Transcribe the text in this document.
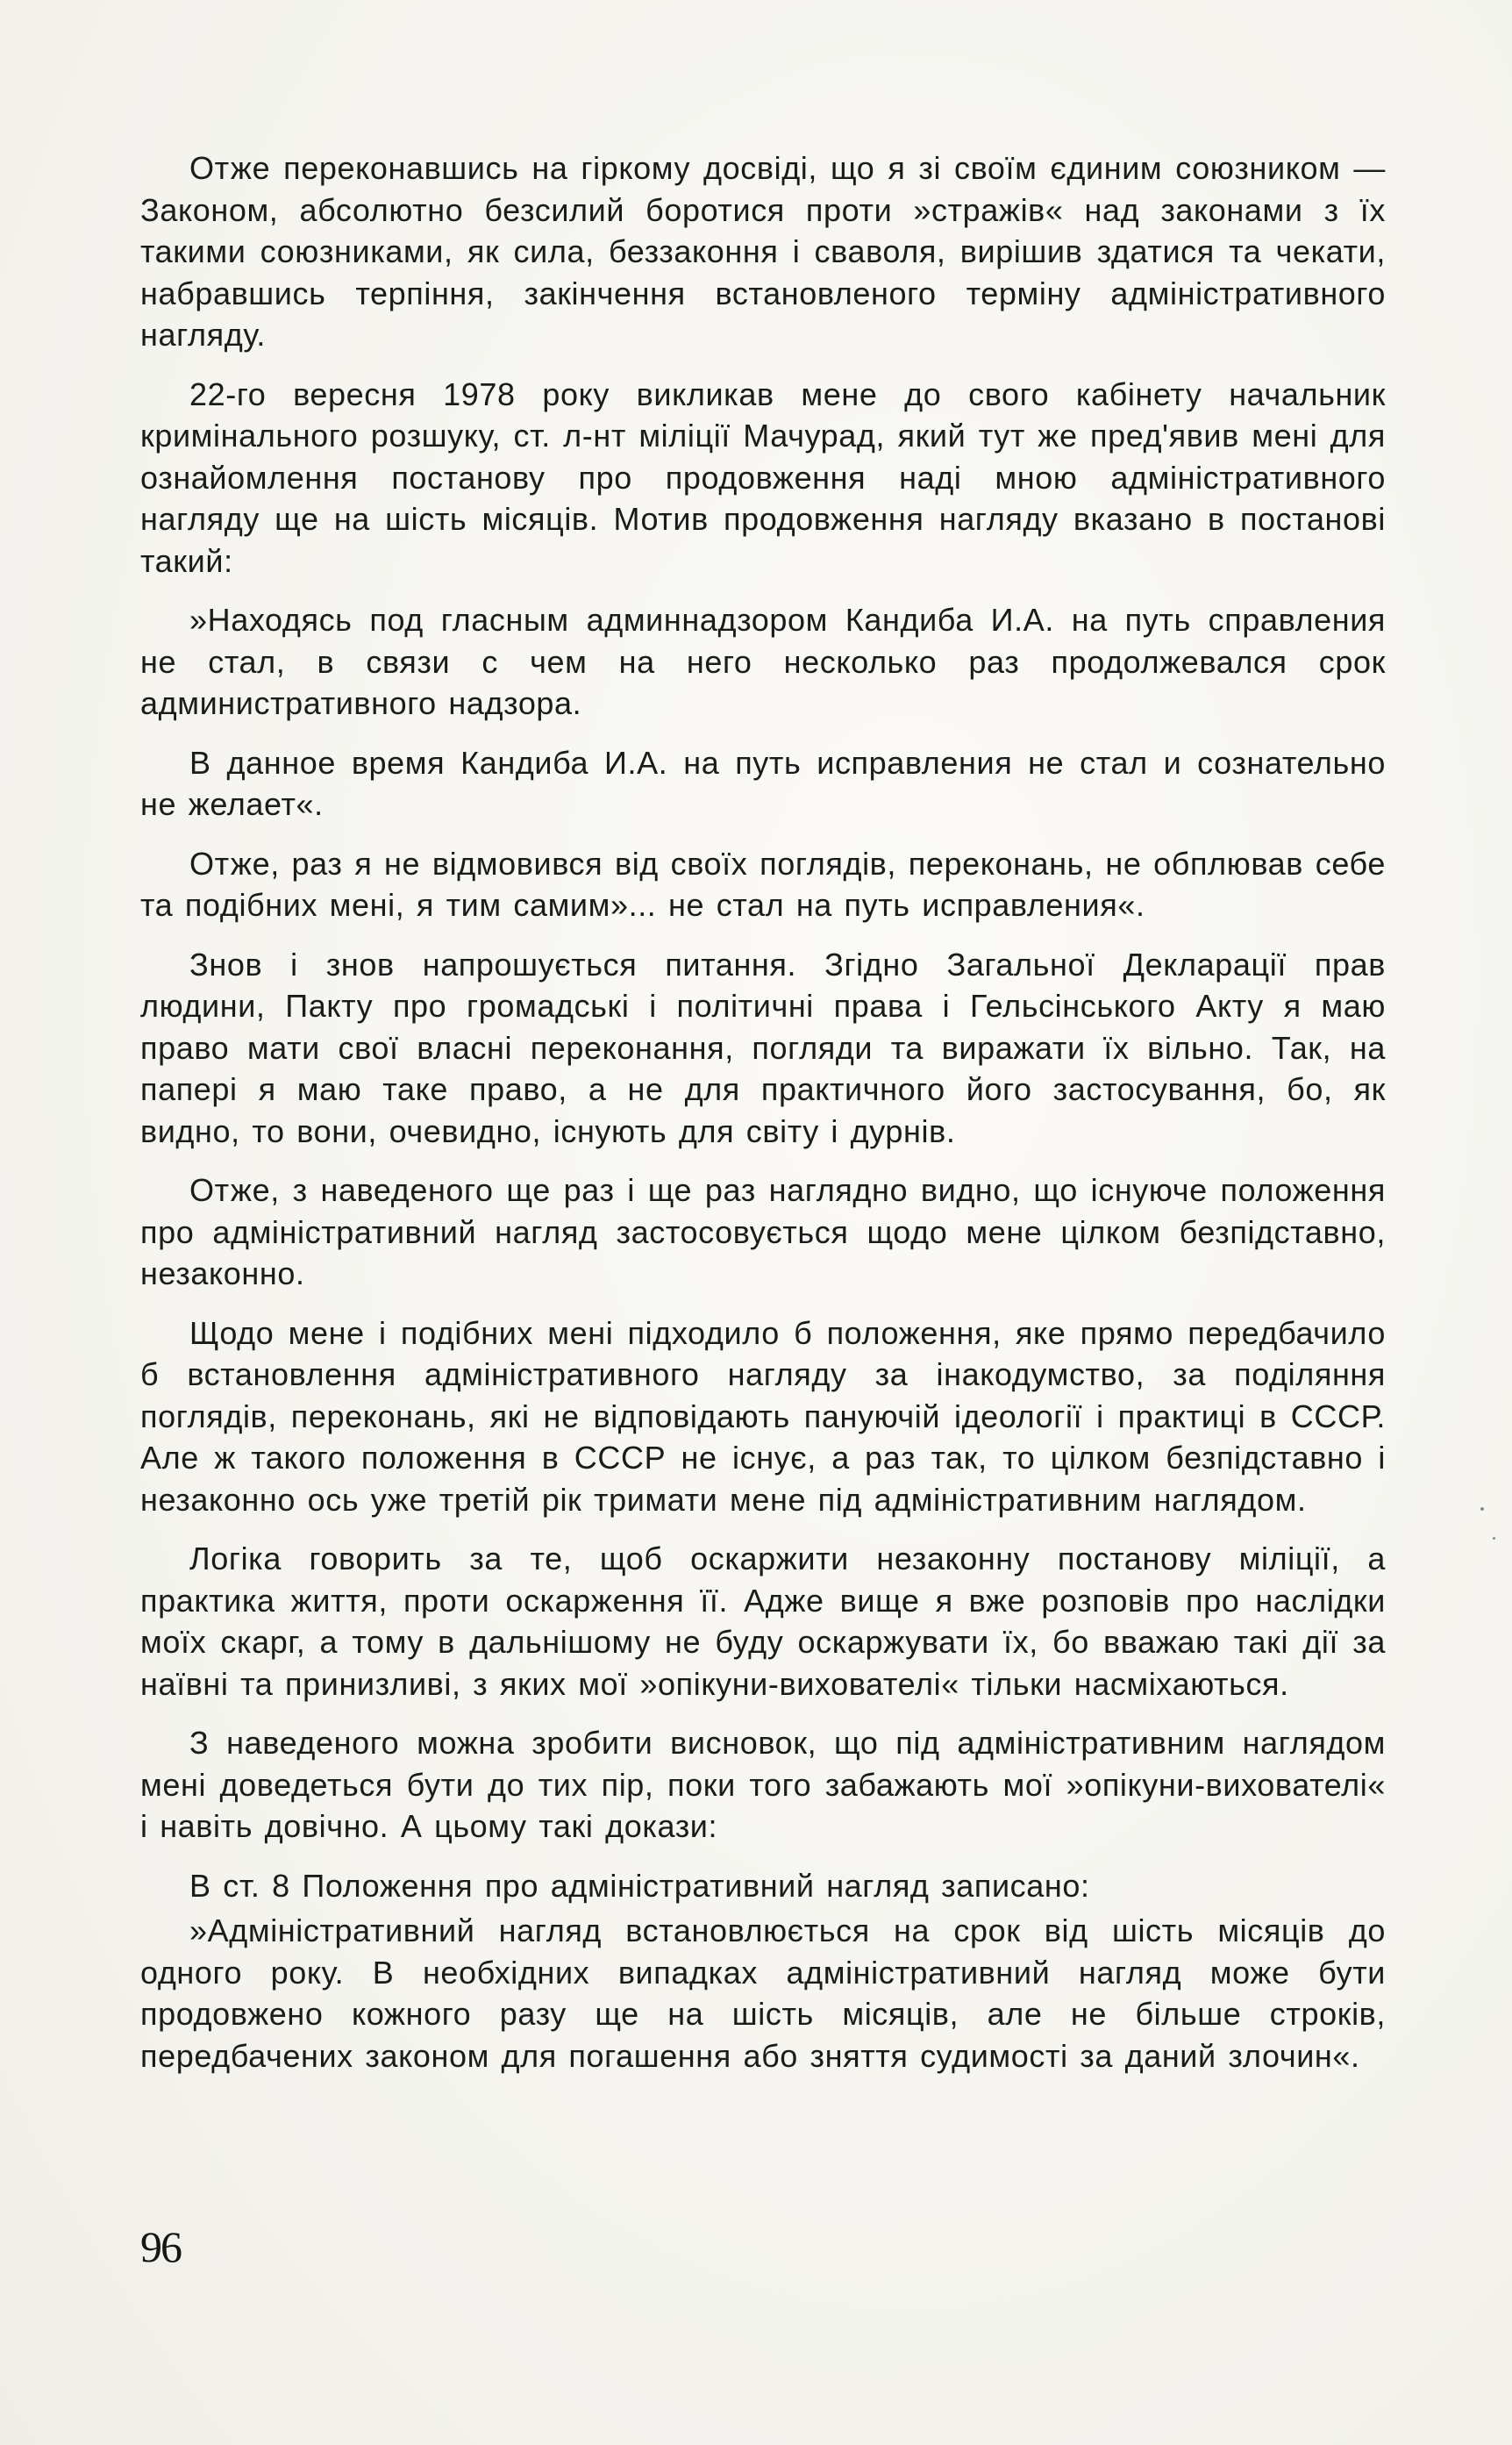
Отже переконавшись на гіркому досвіді, що я зі своїм єдиним союзником — Законом, абсолютно безсилий боротися проти »стражів« над законами з їх такими союзниками, як сила, беззаконня і сваволя, вирішив здатися та чекати, набравшись терпіння, закінчення встановленого терміну адміністративного нагляду.

22-го вересня 1978 року викликав мене до свого кабінету начальник кримінального розшуку, ст. л-нт міліції Мачурад, який тут же пред'явив мені для ознайомлення постанову про продовження наді мною адміністративного нагляду ще на шість місяців. Мотив продовження нагляду вказано в постанові такий:

»Находясь под гласным админнадзором Кандиба И.А. на путь справления не стал, в связи с чем на него несколько раз продолжевался срок административного надзора.

В данное время Кандиба И.А. на путь исправления не стал и сознательно не желает«.

Отже, раз я не відмовився від своїх поглядів, переконань, не обплював себе та подібних мені, я тим самим»... не стал на путь исправления«.

Знов і знов напрошується питання. Згідно Загальної Декларації прав людини, Пакту про громадські і політичні права і Гельсінського Акту я маю право мати свої власні переконання, погляди та виражати їх вільно. Так, на папері я маю таке право, а не для практичного його застосування, бо, як видно, то вони, очевидно, існують для світу і дурнів.

Отже, з наведеного ще раз і ще раз наглядно видно, що існуюче положення про адміністративний нагляд застосовується щодо мене цілком безпідставно, незаконно.

Щодо мене і подібних мені підходило б положення, яке прямо передбачило б встановлення адміністративного нагляду за інакодумство, за поділяння поглядів, переконань, які не відповідають пануючій ідеології і практиці в СССР. Але ж такого положення в СССР не існує, а раз так, то цілком безпідставно і незаконно ось уже третій рік тримати мене під адміністративним наглядом.

Логіка говорить за те, щоб оскаржити незаконну постанову міліції, а практика життя, проти оскарження її. Адже вище я вже розповів про наслідки моїх скарг, а тому в дальнішому не буду оскаржувати їх, бо вважаю такі дії за наївні та принизливі, з яких мої »опікуни-вихователі« тільки насміхаються.

З наведеного можна зробити висновок, що під адміністративним наглядом мені доведеться бути до тих пір, поки того забажають мої »опікуни-вихователі« і навіть довічно. А цьому такі докази:

В ст. 8 Положення про адміністративний нагляд записано:

»Адміністративний нагляд встановлюється на срок від шість місяців до одного року. В необхідних випадках адміністративний нагляд може бути продовжено кожного разу ще на шість місяців, але не більше строків, передбачених законом для погашення або зняття судимості за даний злочин«.

96
